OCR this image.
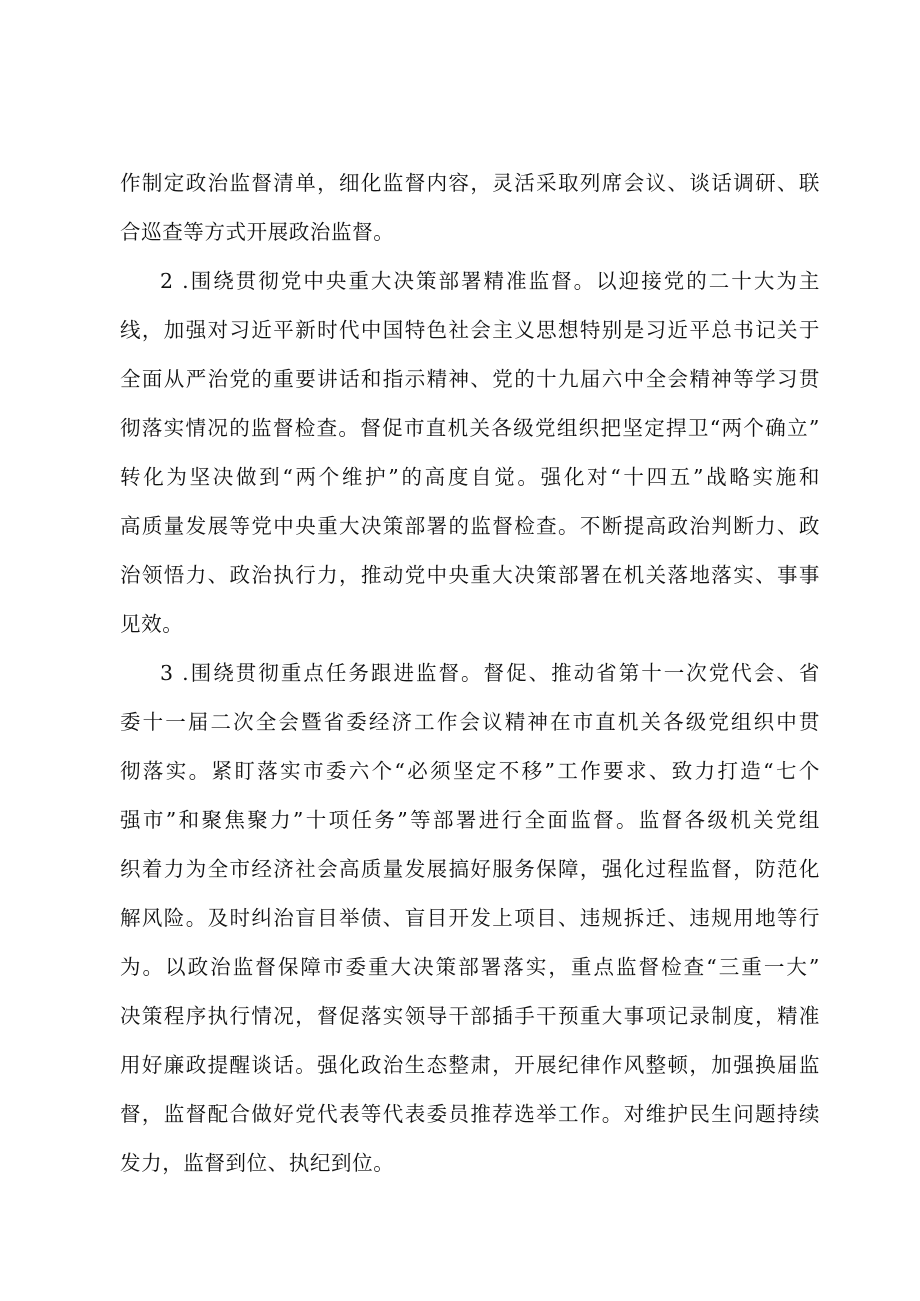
作制定政治监督清单，细化监督内容，灵活采取列席会议、谈话调研、联
合巡查等方式开展政治监督。
2 .围绕贯彻党中央重大决策部署精准监督。以迎接党的二十大为主
线，加强对习近平新时代中国特色社会主义思想特别是习近平总书记关于
全面从严治党的重要讲话和指示精神、党的十九届六中全会精神等学习贯
彻落实情况的监督检查。督促市直机关各级党组织把坚定捍卫“两个确立”
转化为坚决做到“两个维护”的高度自觉。强化对“十四五”战略实施和
高质量发展等党中央重大决策部署的监督检查。不断提高政治判断力、政
治领悟力、政治执行力，推动党中央重大决策部署在机关落地落实、事事
见效。
3 .围绕贯彻重点任务跟进监督。督促、推动省第十一次党代会、省
委十一届二次全会暨省委经济工作会议精神在市直机关各级党组织中贯
彻落实。紧盯落实市委六个“必须坚定不移”工作要求、致力打造“七个
强市”和聚焦聚力”十项任务”等部署进行全面监督。监督各级机关党组
织着力为全市经济社会高质量发展搞好服务保障，强化过程监督，防范化
解风险。及时纠治盲目举债、盲目开发上项目、违规拆迁、违规用地等行
为。以政治监督保障市委重大决策部署落实，重点监督检查“三重一大”
决策程序执行情况，督促落实领导干部插手干预重大事项记录制度，精准
用好廉政提醒谈话。强化政治生态整肃，开展纪律作风整顿，加强换届监
督，监督配合做好党代表等代表委员推荐选举工作。对维护民生问题持续
发力，监督到位、执纪到位。
